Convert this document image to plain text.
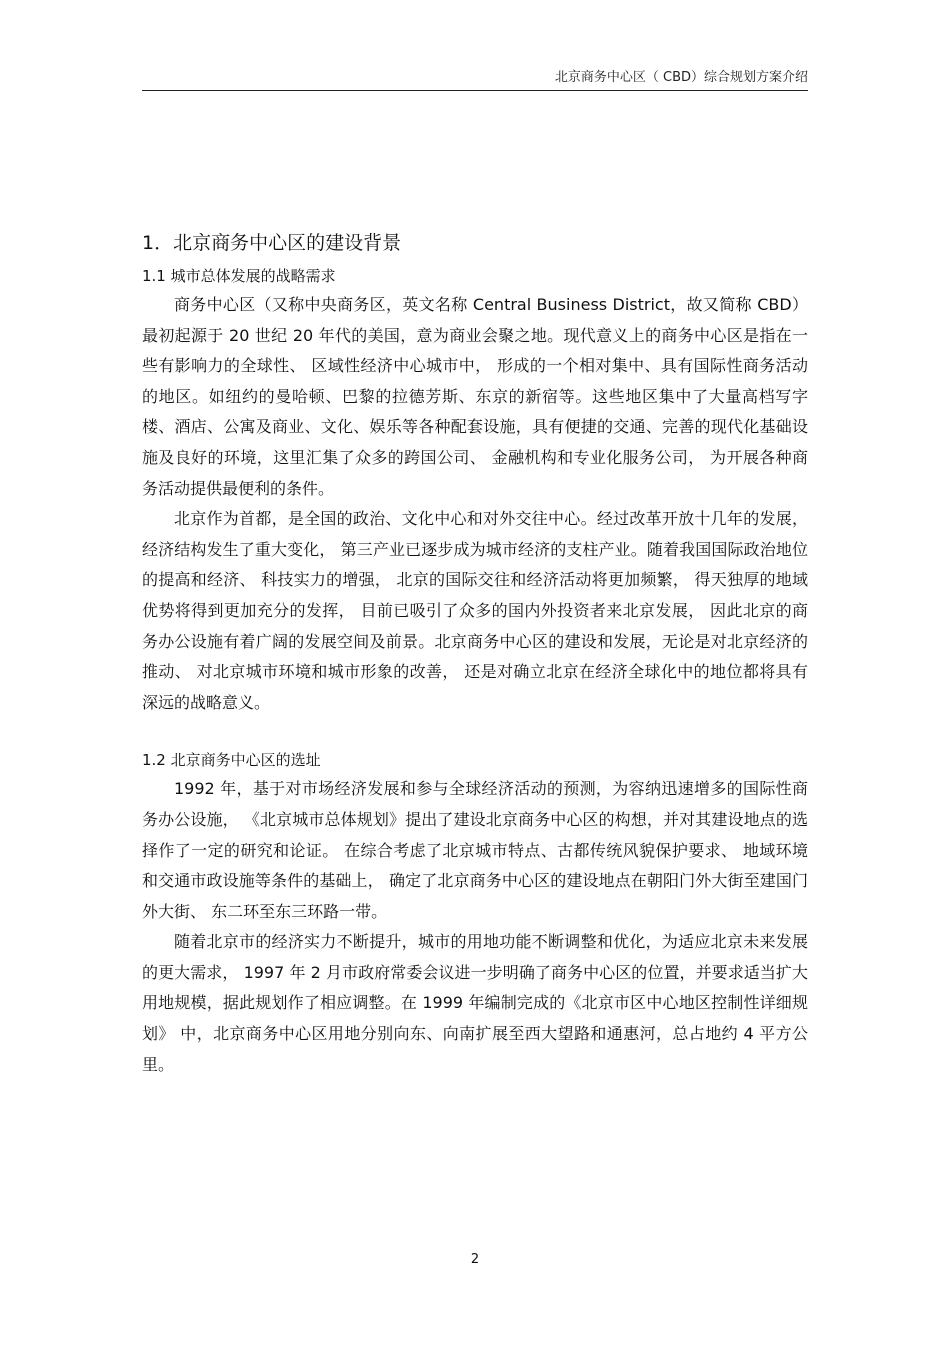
北京商务中心区（ CBD）综合规划方案介绍
1．北京商务中心区的建设背景
1.1 城市总体发展的战略需求

商务中心区（又称中央商务区，英文名称 Central Business District，故又简称 CBD）最初起源于 20 世纪 20 年代的美国，意为商业会聚之地。现代意义上的商务中心区是指在一些有影响力的全球性、 区域性经济中心城市中， 形成的一个相对集中、具有国际性商务活动的地区。如纽约的曼哈顿、巴黎的拉德芳斯、东京的新宿等。这些地区集中了大量高档写字楼、酒店、公寓及商业、文化、娱乐等各种配套设施，具有便捷的交通、完善的现代化基础设施及良好的环境，这里汇集了众多的跨国公司、 金融机构和专业化服务公司， 为开展各种商务活动提供最便利的条件。

北京作为首都，是全国的政治、文化中心和对外交往中心。经过改革开放十几年的发展， 经济结构发生了重大变化， 第三产业已逐步成为城市经济的支柱产业。随着我国国际政治地位的提高和经济、 科技实力的增强， 北京的国际交往和经济活动将更加频繁， 得天独厚的地域优势将得到更加充分的发挥， 目前已吸引了众多的国内外投资者来北京发展， 因此北京的商务办公设施有着广阔的发展空间及前景。北京商务中心区的建设和发展，无论是对北京经济的推动、 对北京城市环境和城市形象的改善， 还是对确立北京在经济全球化中的地位都将具有深远的战略意义。

1.2 北京商务中心区的选址

1992 年，基于对市场经济发展和参与全球经济活动的预测，为容纳迅速增多的国际性商务办公设施， 《北京城市总体规划》提出了建设北京商务中心区的构想，并对其建设地点的选择作了一定的研究和论证。 在综合考虑了北京城市特点、古都传统风貌保护要求、 地域环境和交通市政设施等条件的基础上， 确定了北京商务中心区的建设地点在朝阳门外大街至建国门外大街、 东二环至东三环路一带。

随着北京市的经济实力不断提升，城市的用地功能不断调整和优化，为适应北京未来发展的更大需求， 1997 年 2 月市政府常委会议进一步明确了商务中心区的位置，并要求适当扩大用地规模，据此规划作了相应调整。在 1999 年编制完成的《北京市区中心地区控制性详细规划》 中，北京商务中心区用地分别向东、向南扩展至西大望路和通惠河，总占地约 4 平方公里。

2
